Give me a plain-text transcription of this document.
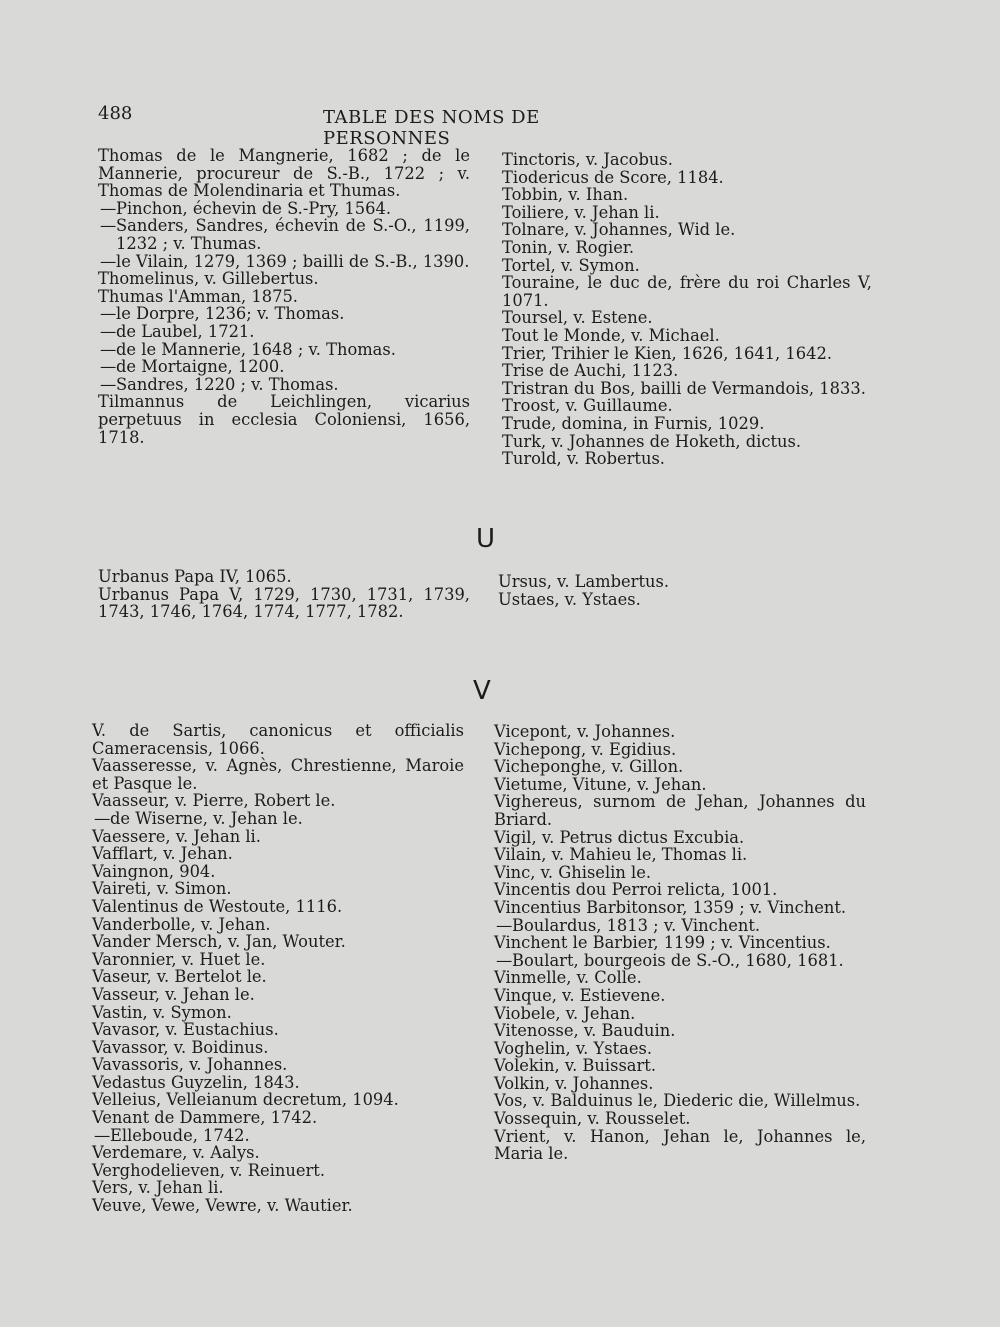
488	TABLE DES NOMS DE PERSONNES
Thomas de le Mangnerie, 1682 ; de le Mannerie, procureur de S.-B., 1722 ; v. Thomas de Molendinaria et Thumas.
— Pinchon, échevin de S.-Pry, 1564.
— Sanders, Sandres, échevin de S.-O., 1199, 1232 ; v. Thumas.
— le Vilain, 1279, 1369 ; bailli de S.-B., 1390.
Thomelinus, v. Gillebertus.
Thumas l'Amman, 1875.
— le Dorpre, 1236; v. Thomas.
— de Laubel, 1721.
— de le Mannerie, 1648 ; v. Thomas.
— de Mortaigne, 1200.
— Sandres, 1220 ; v. Thomas.
Tilmannus de Leichlingen, vicarius perpetuus in ecclesia Coloniensi, 1656, 1718.
Tinctoris, v. Jacobus.
Tiodericus de Score, 1184.
Tobbin, v. Ihan.
Toiliere, v. Jehan li.
Tolnare, v. Johannes, Wid le.
Tonin, v. Rogier.
Tortel, v. Symon.
Touraine, le duc de, frère du roi Charles V, 1071.
Toursel, v. Estene.
Tout le Monde, v. Michael.
Trier, Trihier le Kien, 1626, 1641, 1642.
Trise de Auchi, 1123.
Tristran du Bos, bailli de Vermandois, 1833.
Troost, v. Guillaume.
Trude, domina, in Furnis, 1029.
Turk, v. Johannes de Hoketh, dictus.
Turold, v. Robertus.
U
Urbanus Papa IV, 1065.
Urbanus Papa V, 1729, 1730, 1731, 1739, 1743, 1746, 1764, 1774, 1777, 1782.
Ursus, v. Lambertus.
Ustaes, v. Ystaes.
V
V. de Sartis, canonicus et officialis Cameracensis, 1066.
Vaasseresse, v. Agnès, Chrestienne, Maroie et Pasque le.
Vaasseur, v. Pierre, Robert le.
— de Wiserne, v. Jehan le.
Vaessere, v. Jehan li.
Vafflart, v. Jehan.
Vaingnon, 904.
Vaireti, v. Simon.
Valentinus de Westoute, 1116.
Vanderbolle, v. Jehan.
Vander Mersch, v. Jan, Wouter.
Varonnier, v. Huet le.
Vaseur, v. Bertelot le.
Vasseur, v. Jehan le.
Vastin, v. Symon.
Vavasor, v. Eustachius.
Vavassor, v. Boidinus.
Vavassoris, v. Johannes.
Vedastus Guyzelin, 1843.
Velleius, Velleianum decretum, 1094.
Venant de Dammere, 1742.
— Elleboude, 1742.
Verdemare, v. Aalys.
Verghodelieven, v. Reinuert.
Vers, v. Jehan li.
Veuve, Vewe, Vewre, v. Wautier.
Vicepont, v. Johannes.
Vichepong, v. Egidius.
Vicheponghe, v. Gillon.
Vietume, Vitune, v. Jehan.
Vighereus, surnom de Jehan, Johannes du Briard.
Vigil, v. Petrus dictus Excubia.
Vilain, v. Mahieu le, Thomas li.
Vinc, v. Ghiselin le.
Vincentis dou Perroi relicta, 1001.
Vincentius Barbitonsor, 1359 ; v. Vinchent.
— Boulardus, 1813 ; v. Vinchent.
Vinchent le Barbier, 1199 ; v. Vincentius.
— Boulart, bourgeois de S.-O., 1680, 1681.
Vinmelle, v. Colle.
Vinque, v. Estievene.
Viobele, v. Jehan.
Vitenosse, v. Bauduin.
Voghelin, v. Ystaes.
Volekin, v. Buissart.
Volkin, v. Johannes.
Vos, v. Balduinus le, Diederic die, Willelmus.
Vossequin, v. Rousselet.
Vrient, v. Hanon, Jehan le, Johannes le, Maria le.
